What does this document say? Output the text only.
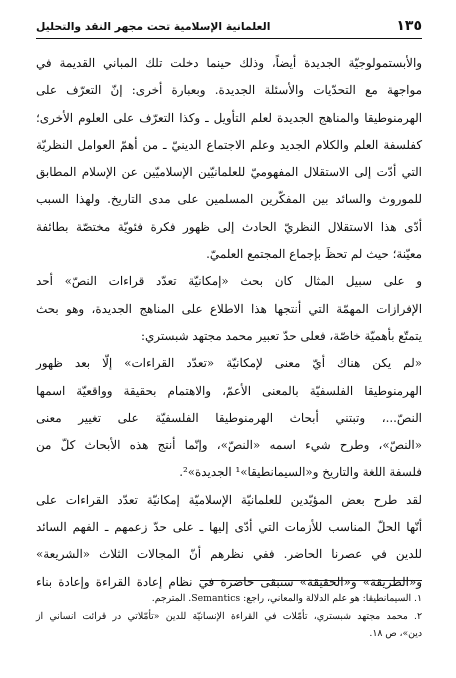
١٣٥
العلمانية الإسلامية تحت مجهر النقد والتحليل

والأبستمولوجيّة الجديدة أيضاً، وذلك حينما دخلت تلك المباني القديمة في

مواجهة مع التحدّيات والأسئلة الجديدة. وبعبارة أخرى: إنّ التعرّف على

الهرمنوطيقا والمناهج الجديدة لعلم التأويل ـ وكذا التعرّف على العلوم الأخرى؛

كفلسفة العلم والكلام الجديد وعلم الاجتماع الدينيّ ـ من أهمّ العوامل النظريّة

التي أدّت إلى الاستقلال المفهوميّ للعلمانيّين الإسلاميّين عن الإسلام المطابق

للموروث والسائد بين المفكّرين المسلمين على مدى التاريخ. ولهذا السبب

أدّى هذا الاستقلال النظريّ الحادث إلى ظهور فكرة فئويّة مختصّة بطائفة

معيّنة؛ حيث لم تحظَ بإجماع المجتمع العلميّ.

و على سبيل المثال كان بحث «إمكانيّة تعدّد قراءات النصّ» أحد

الإفرازات المهمّة التي أنتجها هذا الاطلاع على المناهج الجديدة، وهو بحث

يتمتّع بأهميّة خاصّة، فعلى حدّ تعبير محمد مجتهد شبستري:

«لم يكن هناك أيّ معنى لإمكانيّة «تعدّد القراءات» إلّا بعد ظهور

الهرمنوطيقا الفلسفيّة بالمعنى الأعمّ، والاهتمام بحقيقة وواقعيّة اسمها

النصّ...، وتبتني أبحاث الهرمنوطيقا الفلسفيّة على تغيير معنى

«النصّ»، وطرح شيء اسمه «النصّ»، وإنّما أنتج هذه الأبحاث كلّ من

فلسفة اللغة والتاريخ و«السيمانطيقا»¹ الجديدة»².

لقد طرح بعض المؤيّدين للعلمانيّة الإسلاميّة إمكانيّة تعدّد القراءات على

أنّها الحلّ المناسب للأزمات التي أدّى إليها ـ على حدّ زعمهم ـ الفهم السائد

للدين في عصرنا الحاضر. ففي نظرهم أنّ المجالات الثلاث «الشريعة»

و«الطريقة» و«الحقيقة» ستبقى حاضرة في نظام إعادة القراءة وإعادة بناء

١. السيمانطيقا: هو علم الدلالة والمعاني، راجع: Semantics. المترجم.

٢. محمد مجتهد شبستري، تأمّلات في القراءة الإنسانيّة للدين «تأمّلاتي در قرائت انساني از

دين»، ص ١٨.
